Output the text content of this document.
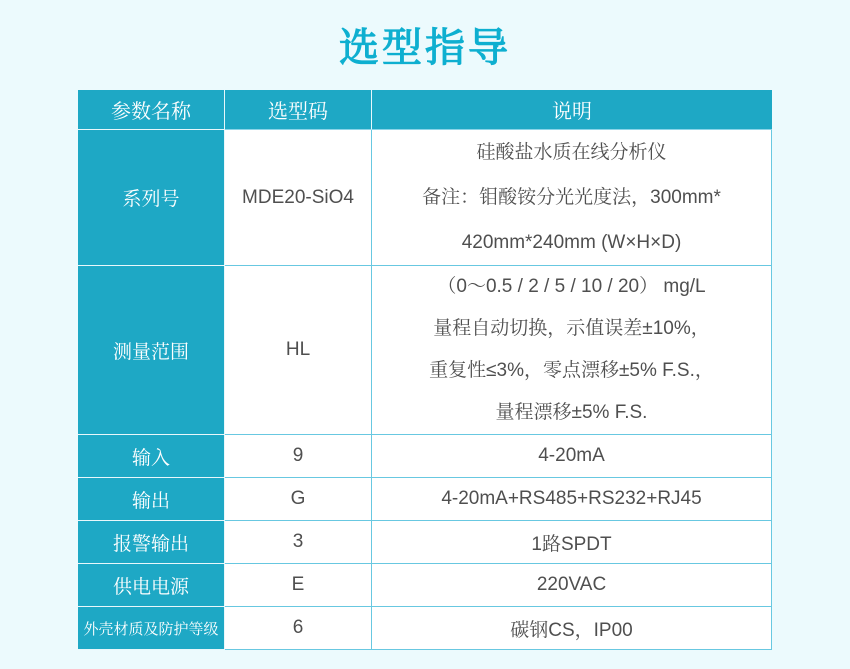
选型指导
参数名称	选型码	说明
系列号	MDE20-SiO4	硅酸盐水质在线分析仪
备注：钼酸铵分光光度法，300mm*
420mm*240mm (W×H×D)

测量范围	HL	（0～0.5 / 2 / 5 / 10 / 20） mg/L
量程自动切换，示值误差±10%，
重复性≤3%，零点漂移±5% F.S.，
量程漂移±5% F.S.

输入	9	4-20mA
输出	G	4-20mA+RS485+RS232+RJ45
报警输出	3	1路SPDT
供电电源	E	220VAC
外壳材质及防护等级	6	碳钢CS，IP00
